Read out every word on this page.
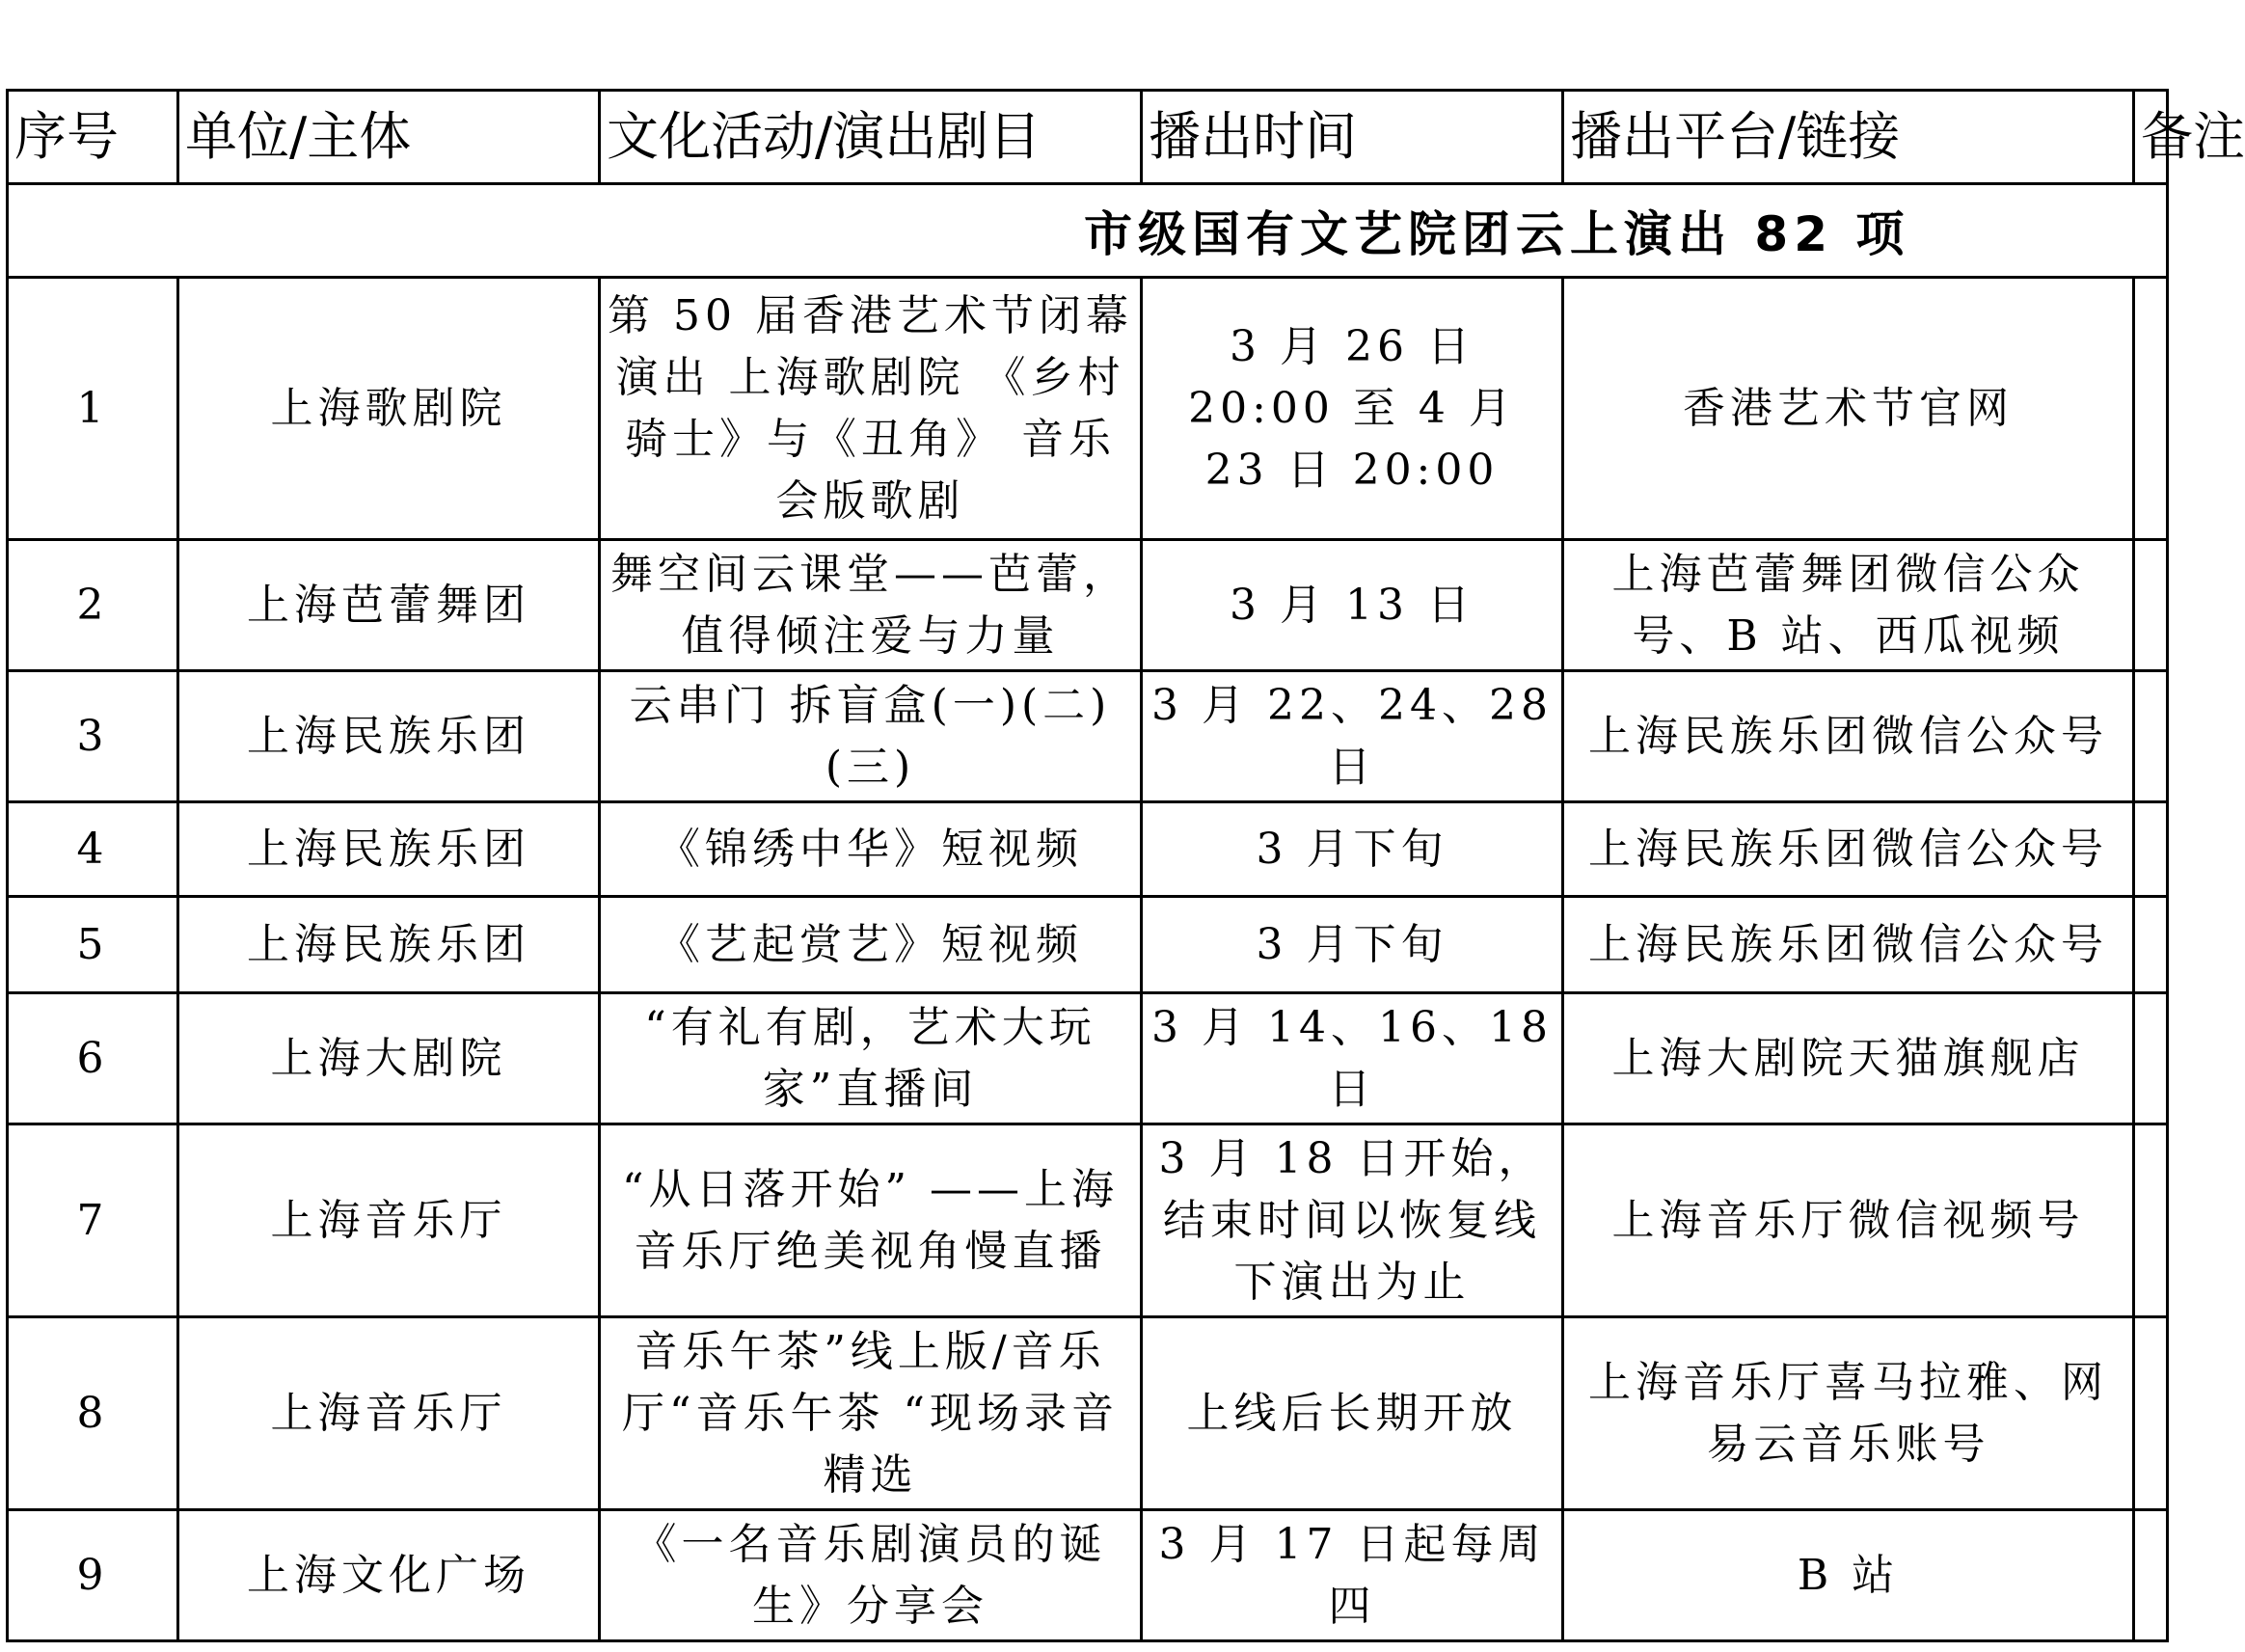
序号	单位/主体	文化活动/演出剧目	播出时间	播出平台/链接	备注
市级国有文艺院团云上演出 82 项					
1	上海歌剧院	第 50 届香港艺术节闭幕演出 上海歌剧院 《乡村骑士》与《丑角》 音乐会版歌剧	3 月 26 日 20:00 至 4 月 23 日 20:00	香港艺术节官网	
2	上海芭蕾舞团	舞空间云课堂——芭蕾，值得倾注爱与力量	3 月 13 日	上海芭蕾舞团微信公众号、B 站、西瓜视频	
3	上海民族乐团	云串门 拆盲盒(一)(二)(三)	3 月 22、24、28 日	上海民族乐团微信公众号	
4	上海民族乐团	《锦绣中华》短视频	3 月下旬	上海民族乐团微信公众号	
5	上海民族乐团	《艺起赏艺》短视频	3 月下旬	上海民族乐团微信公众号	
6	上海大剧院	“有礼有剧，艺术大玩家”直播间	3 月 14、16、18 日	上海大剧院天猫旗舰店	
7	上海音乐厅	“从日落开始” ——上海音乐厅绝美视角慢直播	3 月 18 日开始，结束时间以恢复线下演出为止	上海音乐厅微信视频号	
8	上海音乐厅	音乐午茶”线上版/音乐厅“音乐午茶 “现场录音精选	上线后长期开放	上海音乐厅喜马拉雅、网易云音乐账号	
9	上海文化广场	《一名音乐剧演员的诞生》分享会	3 月 17 日起每周四	B 站	
